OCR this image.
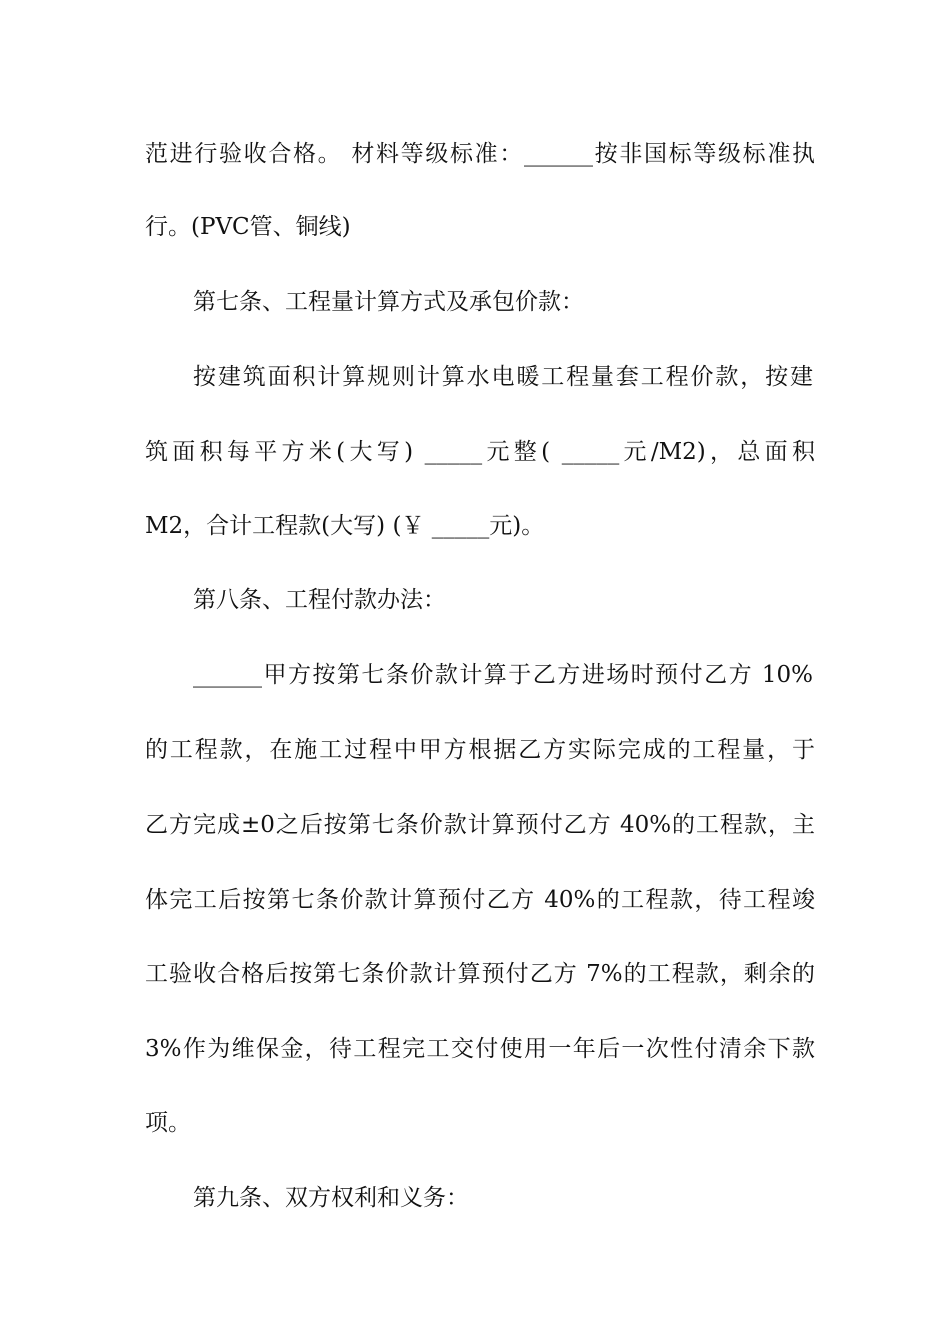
范进行验收合格。 材料等级标准：______按非国标等级标准执
行。(PVC管、铜线)
第七条、工程量计算方式及承包价款：
按建筑面积计算规则计算水电暖工程量套工程价款，按建
筑面积每平方米(大写) _____元整( _____元/M2)，总面积
M2，合计工程款(大写) (￥ _____元)。
第八条、工程付款办法：
______甲方按第七条价款计算于乙方进场时预付乙方 10%
的工程款，在施工过程中甲方根据乙方实际完成的工程量，于
乙方完成±0之后按第七条价款计算预付乙方 40%的工程款，主
体完工后按第七条价款计算预付乙方 40%的工程款，待工程竣
工验收合格后按第七条价款计算预付乙方 7%的工程款，剩余的
3%作为维保金，待工程完工交付使用一年后一次性付清余下款
项。
第九条、双方权利和义务：
